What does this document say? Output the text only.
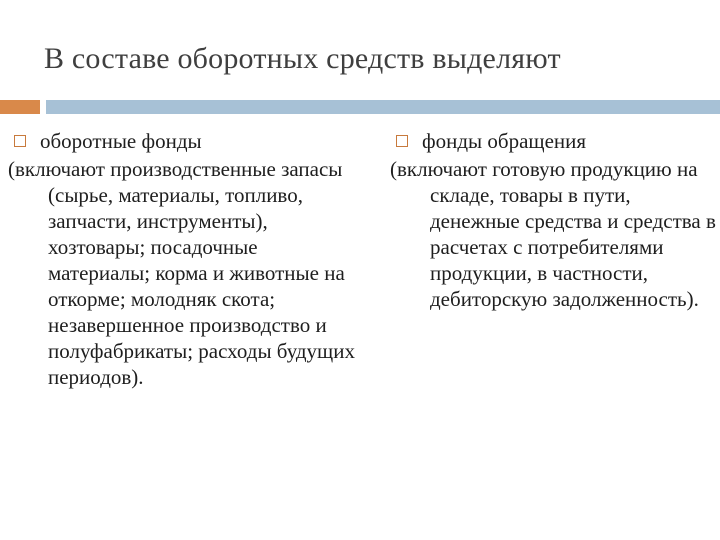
В составе оборотных средств выделяют
оборотные фонды

(включают производственные запасы (сырье, материалы, топливо, запчасти, инструменты), хозтовары; посадочные материалы; корма и животные на откорме; молодняк скота; незавершенное производство и полуфабрикаты; расходы будущих периодов).

фонды обращения

(включают готовую продукцию на складе, товары в пути, денежные средства и средства в расчетах с потребителями продукции, в частности, дебиторскую задолженность).
